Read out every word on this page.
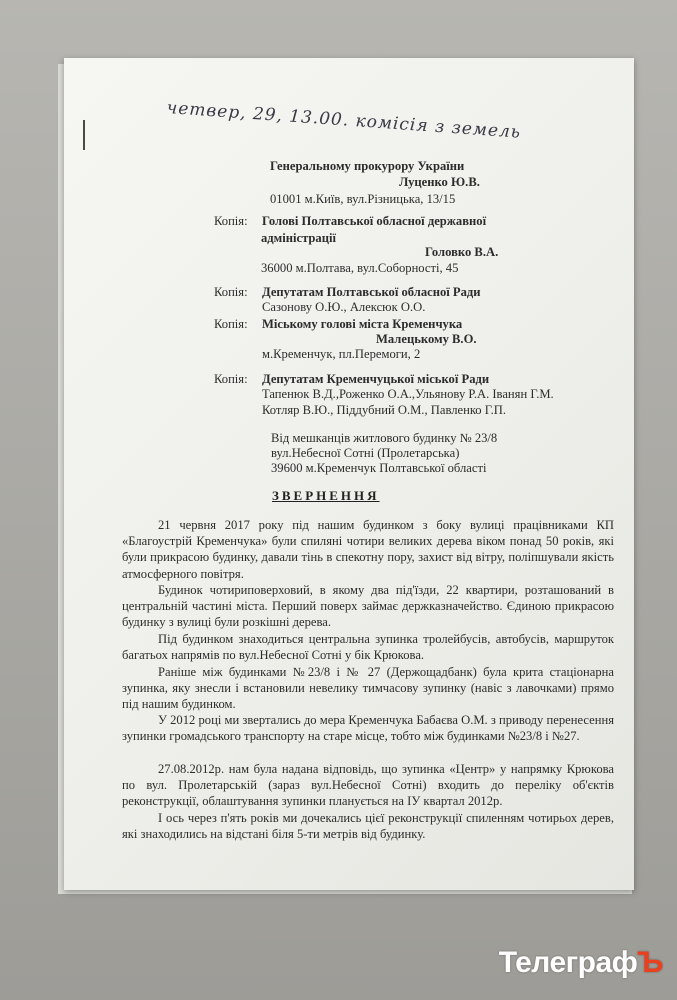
четвер, 29, 13.00. комісія з земель
Генеральному прокурору України
Луценко Ю.В.
01001 м.Київ, вул.Різницька, 13/15
Копія: Голові Полтавської обласної державної
адміністрації
Головко В.А.
36000 м.Полтава, вул.Соборності, 45
Копія: Депутатам Полтавської обласної Ради
Сазонову О.Ю., Алексюк О.О.
Копія: Міському голові міста Кременчука
Малецькому В.О.
м.Кременчук, пл.Перемоги, 2
Копія: Депутатам Кременчуцької міської Ради
Тапенюк В.Д.,Роженко О.А.,Ульянову Р.А. Іванян Г.М.
Котляр В.Ю., Піддубний О.М., Павленко Г.П.
Від мешканців житлового будинку № 23/8
вул.Небесної Сотні (Пролетарська)
39600 м.Кременчук Полтавської області
ЗВЕРНЕННЯ
21 червня 2017 року під нашим будинком з боку вулиці працівниками КП «Благоустрій Кременчука» були спиляні чотири великих дерева віком понад 50 років, які були прикрасою будинку, давали тінь в спекотну пору, захист від вітру, поліпшували якість атмосферного повітря.
Будинок чотириповерховий, в якому два під'їзди, 22 квартири, розташований в центральній частині міста. Перший поверх займає держказначейство. Єдиною прикрасою будинку з вулиці були розкішні дерева.
Під будинком знаходиться центральна зупинка тролейбусів, автобусів, маршруток багатьох напрямів по вул.Небесної Сотні у бік Крюкова.
Раніше між будинками №23/8 і № 27 (Держощадбанк) була крита стаціонарна зупинка, яку знесли і встановили невелику тимчасову зупинку (навіс з лавочками) прямо під нашим будинком.
У 2012 році ми звертались до мера Кременчука Бабаєва О.М. з приводу перенесення зупинки громадського транспорту на старе місце, тобто між будинками №23/8 і №27.
27.08.2012р. нам була надана відповідь, що зупинка «Центр» у напрямку Крюкова по вул. Пролетарській (зараз вул.Небесної Сотні) входить до переліку об'єктів реконструкції, облаштування зупинки планується на ІУ квартал 2012р.
І ось через п'ять років ми дочекались цієї реконструкції спиленням чотирьох дерев, які знаходились на відстані біля 5-ти метрів від будинку.
ТелеграфЪ
